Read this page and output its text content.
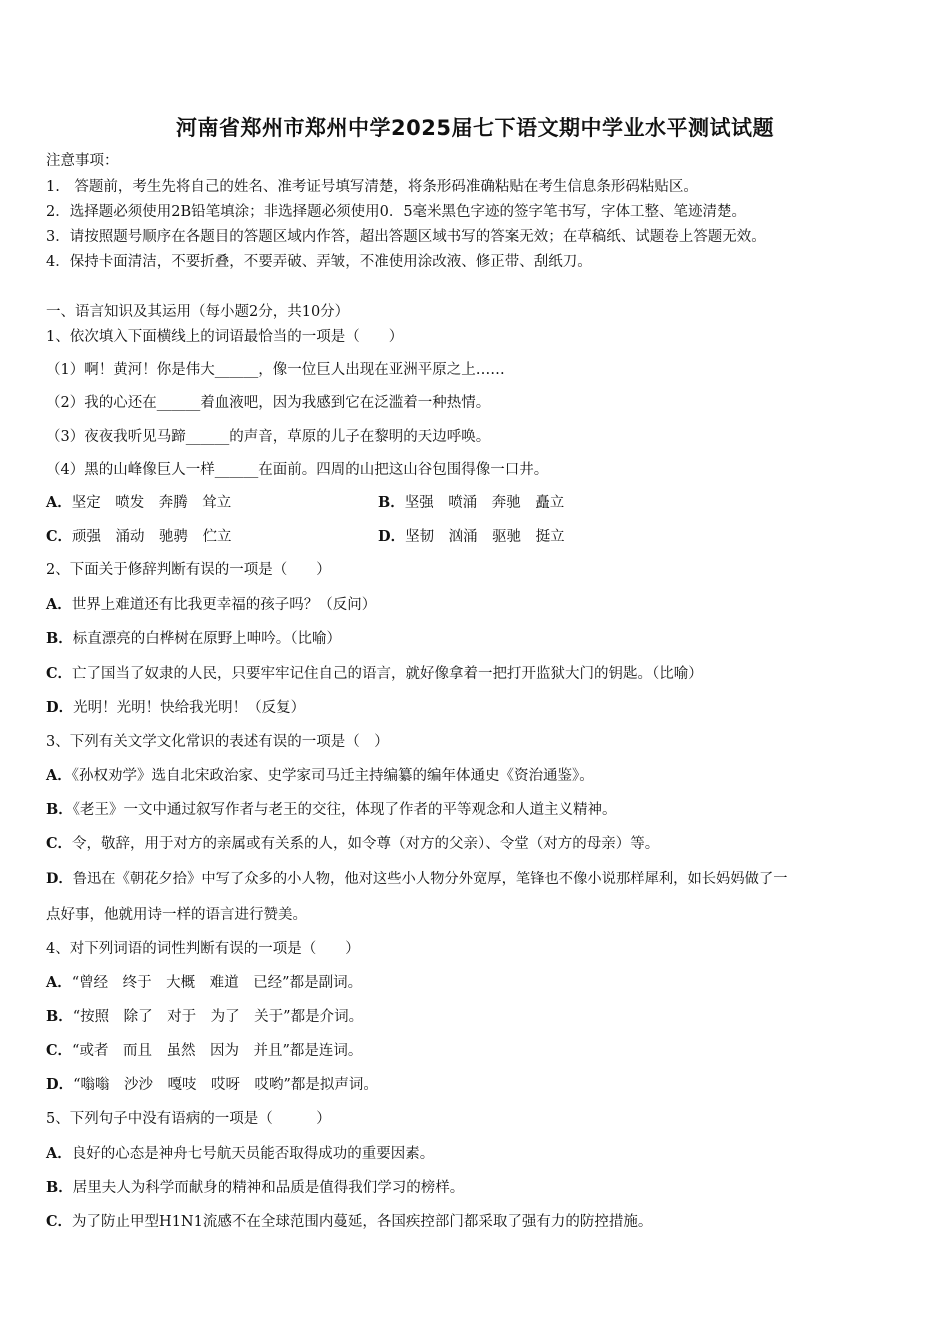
河南省郑州市郑州中学2025届七下语文期中学业水平测试试题
注意事项：
1.　答题前，考生先将自己的姓名、准考证号填写清楚，将条形码准确粘贴在考生信息条形码粘贴区。
2．选择题必须使用2B铅笔填涂；非选择题必须使用0．5毫米黑色字迹的签字笔书写，字体工整、笔迹清楚。
3．请按照题号顺序在各题目的答题区域内作答，超出答题区域书写的答案无效；在草稿纸、试题卷上答题无效。
4．保持卡面清洁，不要折叠，不要弄破、弄皱，不准使用涂改液、修正带、刮纸刀。
一、语言知识及其运用（每小题2分，共10分）
1、依次填入下面横线上的词语最恰当的一项是（　　）
（1）啊！黄河！你是伟大______，像一位巨人出现在亚洲平原之上……
（2）我的心还在______着血液吧，因为我感到它在泛滥着一种热情。
（3）夜夜我听见马蹄______的声音，草原的儿子在黎明的天边呼唤。
（4）黑的山峰像巨人一样______在面前。四周的山把这山谷包围得像一口井。
A．坚定　喷发　奔腾　耸立	B．坚强　喷涌　奔驰　矗立
C．顽强　涌动　驰骋　伫立	D．坚韧　汹涌　驱驰　挺立
2、下面关于修辞判断有误的一项是（　　）
A．世界上难道还有比我更幸福的孩子吗？（反问）
B．标直漂亮的白桦树在原野上呻吟。（比喻）
C．亡了国当了奴隶的人民，只要牢牢记住自己的语言，就好像拿着一把打开监狱大门的钥匙。（比喻）
D．光明！光明！快给我光明！（反复）
3、下列有关文学文化常识的表述有误的一项是（　）
A．《孙权劝学》选自北宋政治家、史学家司马迁主持编纂的编年体通史《资治通鉴》。
B．《老王》一文中通过叙写作者与老王的交往，体现了作者的平等观念和人道主义精神。
C．令，敬辞，用于对方的亲属或有关系的人，如令尊（对方的父亲）、令堂（对方的母亲）等。
D．鲁迅在《朝花夕拾》中写了众多的小人物，他对这些小人物分外宽厚，笔锋也不像小说那样犀利，如长妈妈做了一
点好事，他就用诗一样的语言进行赞美。
4、对下列词语的词性判断有误的一项是（　　）
A．“曾经　终于　大概　难道　已经”都是副词。
B．“按照　除了　对于　为了　关于”都是介词。
C．“或者　而且　虽然　因为　并且”都是连词。
D．“嗡嗡　沙沙　嘎吱　哎呀　哎哟”都是拟声词。
5、下列句子中没有语病的一项是（　　　）
A．良好的心态是神舟七号航天员能否取得成功的重要因素。
B．居里夫人为科学而献身的精神和品质是值得我们学习的榜样。
C．为了防止甲型H1N1流感不在全球范围内蔓延，各国疾控部门都采取了强有力的防控措施。
